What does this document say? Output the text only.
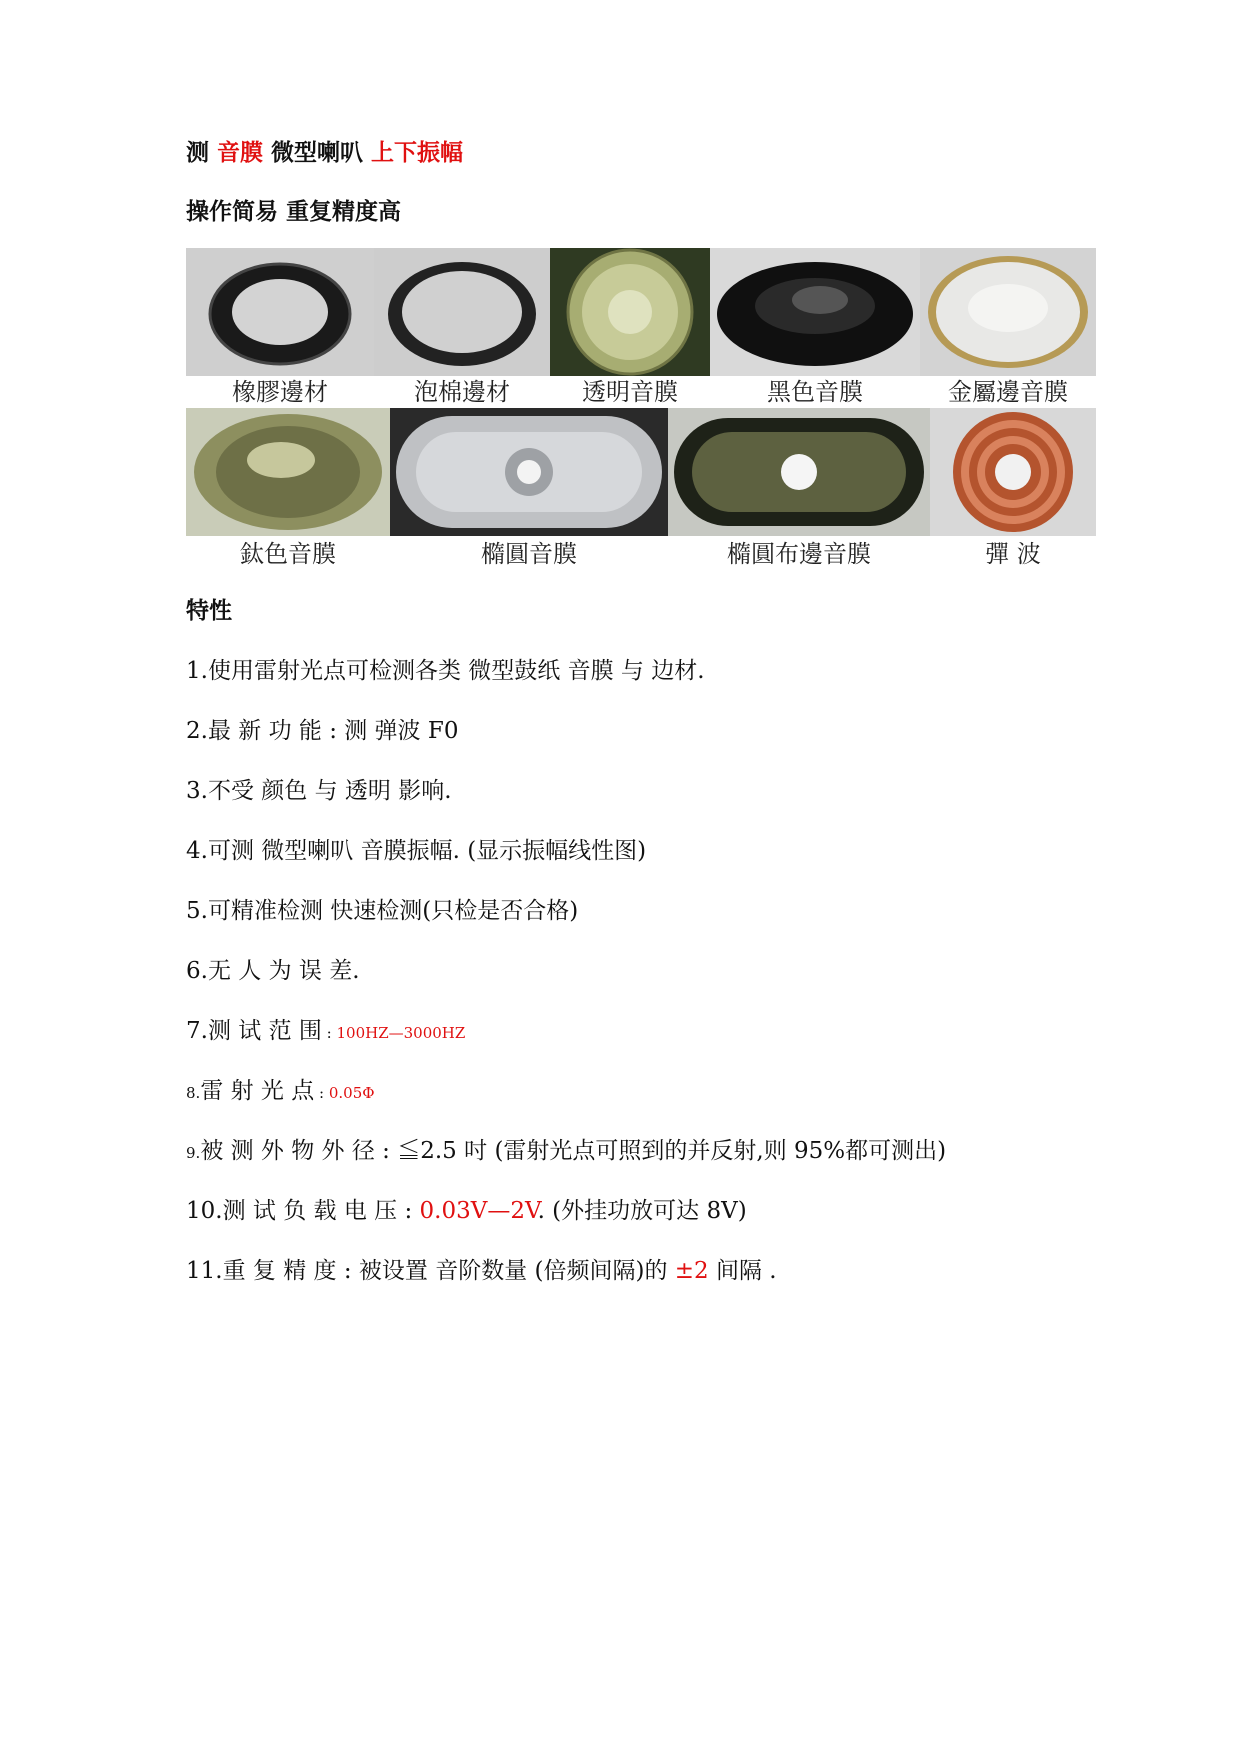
测 音膜 微型喇叭 上下振幅
操作简易 重复精度高
橡膠邊材	泡棉邊材	透明音膜	黑色音膜	金屬邊音膜
鈦色音膜	橢圓音膜	橢圓布邊音膜	彈 波
特性
1.使用雷射光点可检测各类 微型鼓纸 音膜 与 边材.
2.最 新 功 能 : 测 弹波 F0
3.不受 颜色 与 透明 影响.
4.可测 微型喇叭 音膜振幅. (显示振幅线性图)
5.可精准检测 快速检测(只检是否合格)
6.无 人 为 误 差.
7.测 试 范 围 : 100HZ—3000HZ
8.雷 射 光 点 : 0.05Φ
9.被 测 外 物 外 径 : ≦2.5 吋 (雷射光点可照到的并反射,则 95%都可测出)
10.测 试 负 载 电 压 : 0.03V—2V. (外挂功放可达 8V)
11.重 复 精 度 : 被设置 音阶数量 (倍频间隔)的 ±2 间隔 .
